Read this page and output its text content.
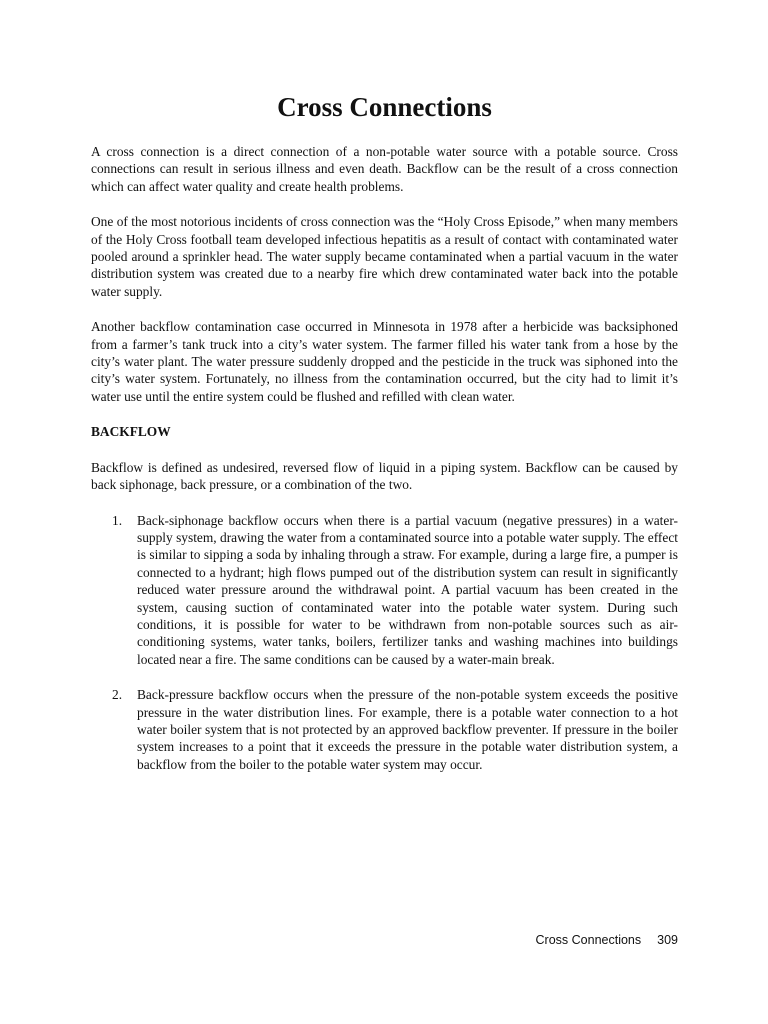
Cross Connections

A cross connection is a direct connection of a non-potable water source with a potable source. Cross connections can result in serious illness and even death. Backflow can be the result of a cross connection which can affect water quality and create health problems.

One of the most notorious incidents of cross connection was the “Holy Cross Episode,” when many members of the Holy Cross football team developed infectious hepatitis as a result of contact with contaminated water pooled around a sprinkler head. The water supply became contaminated when a partial vacuum in the water distribution system was created due to a nearby fire which drew contaminated water back into the potable water supply.

Another backflow contamination case occurred in Minnesota in 1978 after a herbicide was backsiphoned from a farmer’s tank truck into a city’s water system. The farmer filled his water tank from a hose by the city’s water plant. The water pressure suddenly dropped and the pesticide in the truck was siphoned into the city’s water system. Fortunately, no illness from the contamination occurred, but the city had to limit it’s water use until the entire system could be flushed and refilled with clean water.

BACKFLOW

Backflow is defined as undesired, reversed flow of liquid in a piping system. Backflow can be caused by back siphonage, back pressure, or a combination of the two.

1. Back-siphonage backflow occurs when there is a partial vacuum (negative pressures) in a water-supply system, drawing the water from a contaminated source into a potable water supply. The effect is similar to sipping a soda by inhaling through a straw. For example, during a large fire, a pumper is connected to a hydrant; high flows pumped out of the distribution system can result in significantly reduced water pressure around the withdrawal point. A partial vacuum has been created in the system, causing suction of contaminated water into the potable water system. During such conditions, it is possible for water to be withdrawn from non-potable sources such as air-conditioning systems, water tanks, boilers, fertilizer tanks and washing machines into buildings located near a fire. The same conditions can be caused by a water-main break.
2. Back-pressure backflow occurs when the pressure of the non-potable system exceeds the positive pressure in the water distribution lines. For example, there is a potable water connection to a hot water boiler system that is not protected by an approved backflow preventer. If pressure in the boiler system increases to a point that it exceeds the pressure in the potable water distribution system, a backflow from the boiler to the potable water system may occur.
Cross Connections 309
